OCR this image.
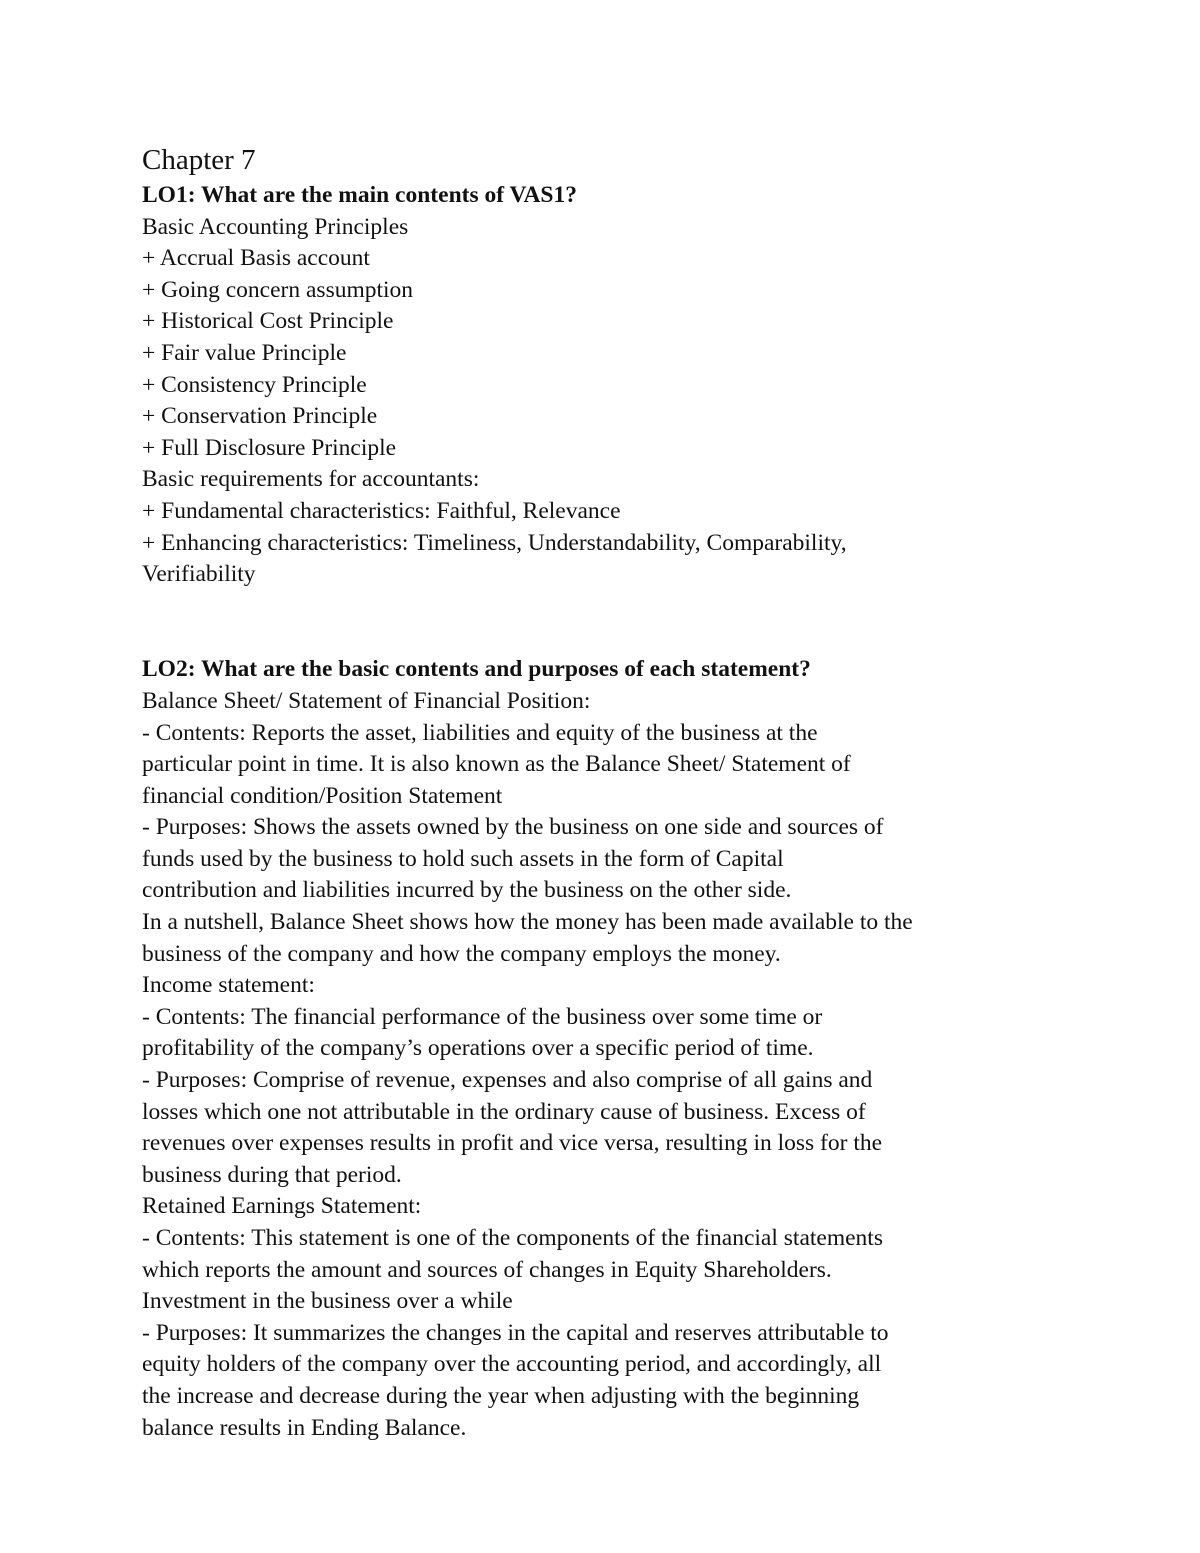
Chapter 7

LO1: What are the main contents of VAS1?

Basic Accounting Principles

+ Accrual Basis account

+ Going concern assumption

+ Historical Cost Principle

+ Fair value Principle

+ Consistency Principle

+ Conservation Principle

+ Full Disclosure Principle

Basic requirements for accountants:

+ Fundamental characteristics: Faithful, Relevance

+ Enhancing characteristics: Timeliness, Understandability, Comparability,

Verifiability

LO2: What are the basic contents and purposes of each statement?

Balance Sheet/ Statement of Financial Position:

- Contents: Reports the asset, liabilities and equity of the business at the

particular point in time. It is also known as the Balance Sheet/ Statement of

financial condition/Position Statement

- Purposes: Shows the assets owned by the business on one side and sources of

funds used by the business to hold such assets in the form of Capital

contribution and liabilities incurred by the business on the other side.

In a nutshell, Balance Sheet shows how the money has been made available to the

business of the company and how the company employs the money.

Income statement:

- Contents: The financial performance of the business over some time or

profitability of the company’s operations over a specific period of time.

- Purposes: Comprise of revenue, expenses and also comprise of all gains and

losses which one not attributable in the ordinary cause of business. Excess of

revenues over expenses results in profit and vice versa, resulting in loss for the

business during that period.

Retained Earnings Statement:

- Contents: This statement is one of the components of the financial statements

which reports the amount and sources of changes in Equity Shareholders.

Investment in the business over a while

- Purposes: It summarizes the changes in the capital and reserves attributable to

equity holders of the company over the accounting period, and accordingly, all

the increase and decrease during the year when adjusting with the beginning

balance results in Ending Balance.
